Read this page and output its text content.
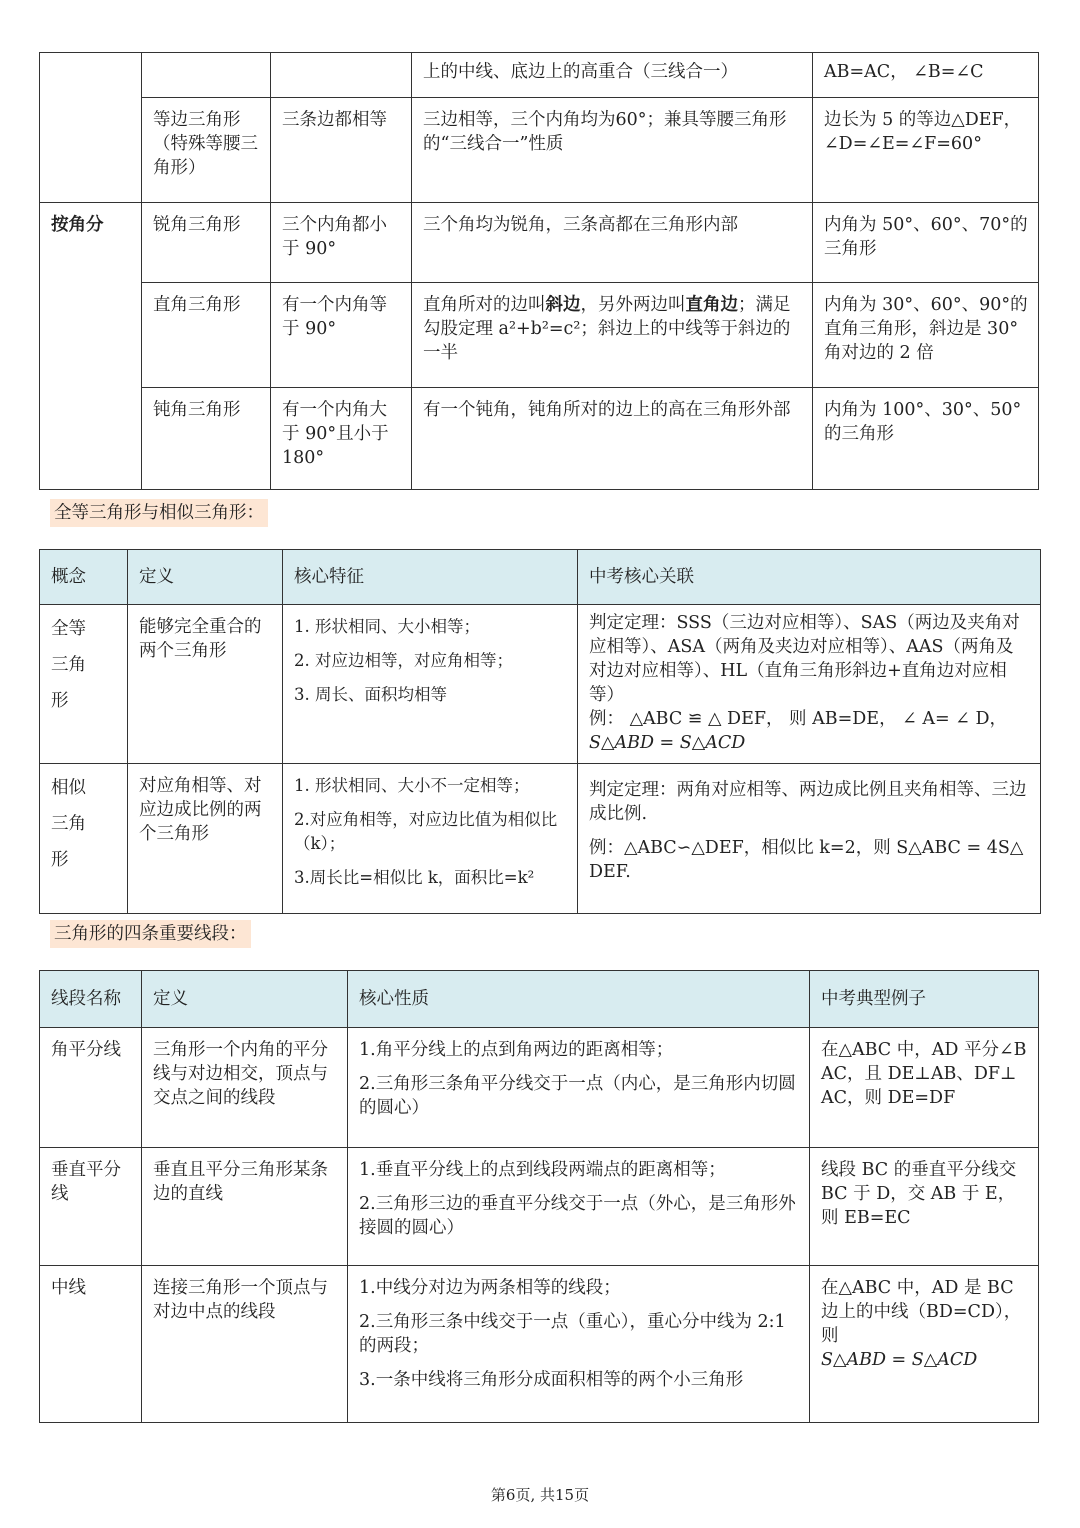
			上的中线、底边上的高重合（三线合一）	AB=AC， ∠B=∠C
	等边三角形（特殊等腰三角形）	三条边都相等	三边相等，三个内角均为60°；兼具等腰三角形的“三线合一”性质	边长为 5 的等边△DEF，∠D=∠E=∠F=60°
按角分	锐角三角形	三个内角都小于 90°	三个角均为锐角，三条高都在三角形内部	内角为 50°、60°、70°的三角形
	直角三角形	有一个内角等于 90°	直角所对的边叫斜边，另外两边叫直角边；满足勾股定理 a²+b²=c²；斜边上的中线等于斜边的一半	内角为 30°、60°、90°的直角三角形，斜边是 30°角对边的 2 倍
	钝角三角形	有一个内角大于 90°且小于 180°	有一个钝角，钝角所对的边上的高在三角形外部	内角为 100°、30°、50°的三角形
全等三角形与相似三角形：
概念	定义	核心特征	中考核心关联
全等三角形	能够完全重合的两个三角形	1. 形状相同、大小相等；
2. 对应边相等，对应角相等；
3. 周长、面积均相等	判定定理：SSS（三边对应相等）、SAS（两边及夹角对应相等）、ASA（两角及夹边对应相等）、AAS（两角及对边对应相等）、HL（直角三角形斜边+直角边对应相等）
例： △ABC ≌ △ DEF， 则 AB=DE， ∠ A= ∠ D，
S△ABD = S△ACD

相似三角形	对应角相等、对应边成比例的两个三角形	1. 形状相同、大小不一定相等；
2.对应角相等，对应边比值为相似比（k）；
3.周长比=相似比 k，面积比=k²	判定定理：两角对应相等、两边成比例且夹角相等、三边成比例.
例：△ABC∽△DEF，相似比 k=2，则 S△ABC = 4S△DEF.
三角形的四条重要线段：
线段名称	定义	核心性质	中考典型例子
角平分线	三角形一个内角的平分线与对边相交，顶点与交点之间的线段	1.角平分线上的点到角两边的距离相等；
2.三角形三条角平分线交于一点（内心，是三角形内切圆的圆心）	在△ABC 中，AD 平分∠BAC，且 DE⊥AB、DF⊥AC，则 DE=DF
垂直平分线	垂直且平分三角形某条边的直线	1.垂直平分线上的点到线段两端点的距离相等；
2.三角形三边的垂直平分线交于一点（外心，是三角形外接圆的圆心）	线段 BC 的垂直平分线交 BC 于 D，交 AB 于 E，则 EB=EC
中线	连接三角形一个顶点与对边中点的线段	1.中线分对边为两条相等的线段；
2.三角形三条中线交于一点（重心），重心分中线为 2:1 的两段；
3.一条中线将三角形分成面积相等的两个小三角形	在△ABC 中，AD 是 BC 边上的中线（BD=CD），则
S△ABD = S△ACD
第6页, 共15页
